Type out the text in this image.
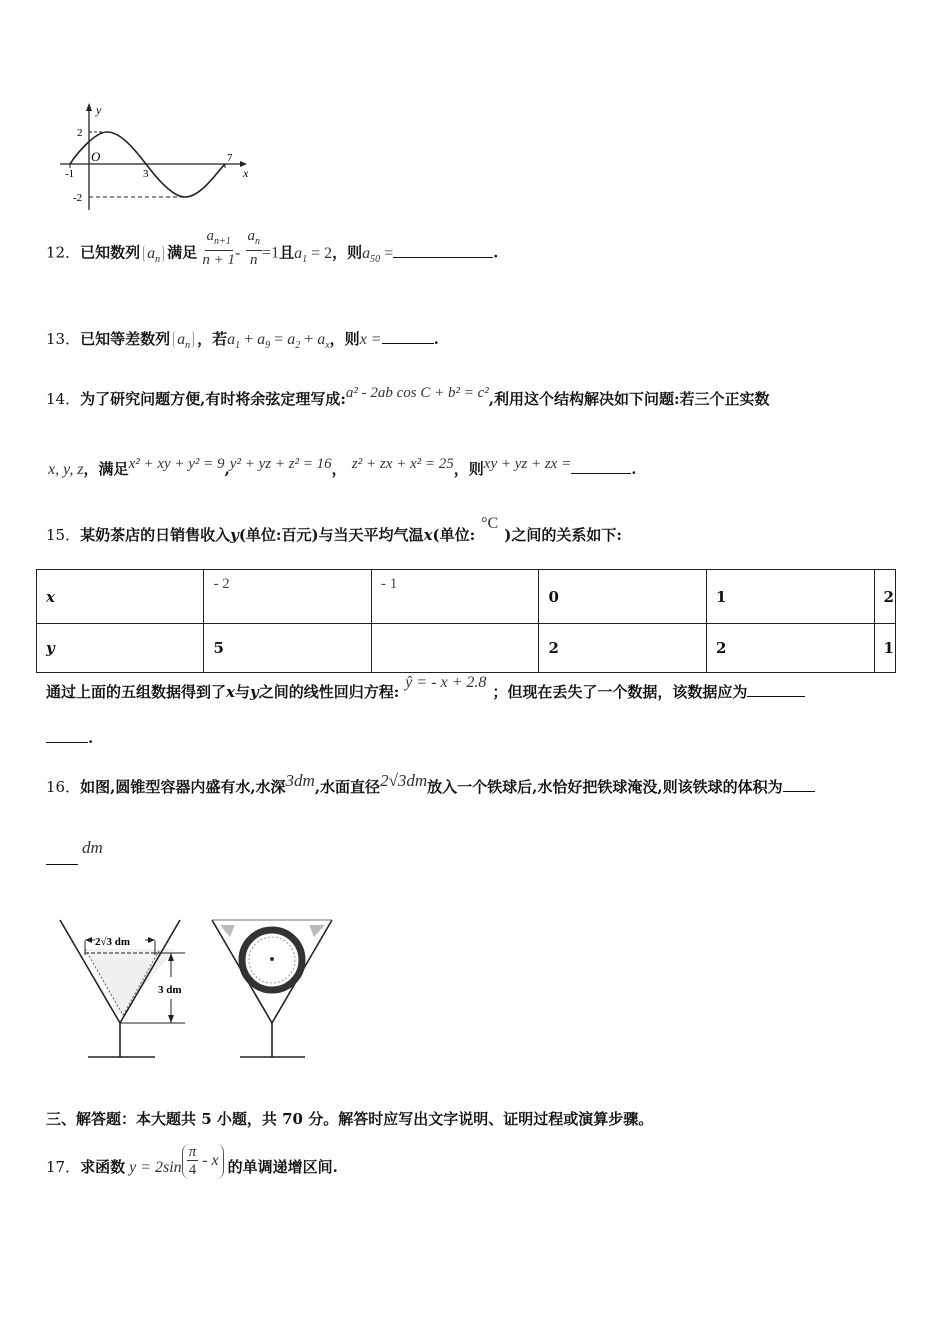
y
x
O
2
-2
-1	3
7
12．已知数列 $a_n$ 满足 $\frac{a_{n+1}}{n + 1} - \frac{a_n}{n} =1$且$a_1 = 2$，则$a_{50}$ =	.
13．已知等差数列 $a_n$ ，若$a_1 + a_9 = a_2 + a_x$，则x =	.
14．为了研究问题方便,有时将余弦定理写成:a² - 2ab cos C + b² = c²,利用这个结构解决如下问题:若三个正实数
x, y, z，满足x² + xy + y² = 9,y² + yz + z² = 16， z² + zx + x² = 25，则xy + yz + zx =	.
15．某奶茶店的日销售收入y(单位:百元)与当天平均气温x(单位:°C)之间的关系如下:
x	- 2	- 1	0	1	2
y	5		2	2	1
通过上面的五组数据得到了x与y之间的线性回归方程:ŷ = - x + 2.8；但现在丢失了一个数据，该数据应为
.
16．如图,圆锥型容器内盛有水,水深3dm,水面直径2√3dm放入一个铁球后,水恰好把铁球淹没,则该铁球的体积为
dm
2√3 dm
3 dm
三、解答题：本大题共 5 小题，共 70 分。解答时应写出文字说明、证明过程或演算步骤。
17．求函数 $y = 2\sin \frac{\pi}{4} - x$ 的单调递增区间.
